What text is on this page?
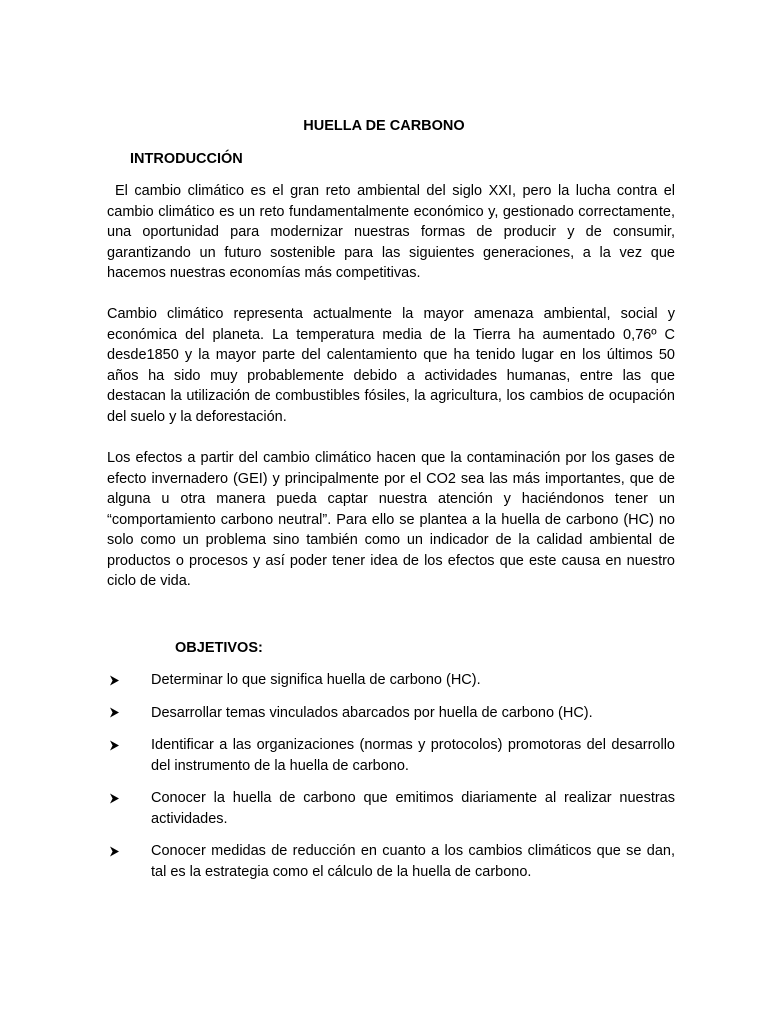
HUELLA DE CARBONO
INTRODUCCIÓN

El cambio climático es el gran reto ambiental del siglo XXI, pero la lucha contra el cambio climático es un reto fundamentalmente económico y, gestionado correctamente, una oportunidad para modernizar nuestras formas de producir y de consumir, garantizando un futuro sostenible para las siguientes generaciones, a la vez que hacemos nuestras economías más competitivas.

Cambio climático representa actualmente la mayor amenaza ambiental, social y económica del planeta. La temperatura media de la Tierra ha aumentado 0,76º C desde1850 y la mayor parte del calentamiento que ha tenido lugar en los últimos 50 años ha sido muy probablemente debido a actividades humanas, entre las que destacan la utilización de combustibles fósiles, la agricultura, los cambios de ocupación del suelo y la deforestación.

Los efectos a partir del cambio climático hacen que la contaminación por los gases de efecto invernadero (GEI) y principalmente por el CO2 sea las más importantes, que de alguna u otra manera pueda captar nuestra atención y haciéndonos tener un “comportamiento carbono neutral”. Para ello se plantea a la huella de carbono (HC) no solo como un problema sino también como un indicador de la calidad ambiental de productos o procesos y así poder tener idea de los efectos que este causa en nuestro ciclo de vida.

OBJETIVOS:
Determinar lo que significa huella de carbono (HC).
Desarrollar temas vinculados abarcados por huella de carbono (HC).
Identificar a las organizaciones (normas y protocolos) promotoras del desarrollo del instrumento de la huella de carbono.
Conocer la huella de carbono que emitimos diariamente al realizar nuestras actividades.
Conocer medidas de reducción en cuanto a los cambios climáticos que se dan, tal es la estrategia como el cálculo de la huella de carbono.
